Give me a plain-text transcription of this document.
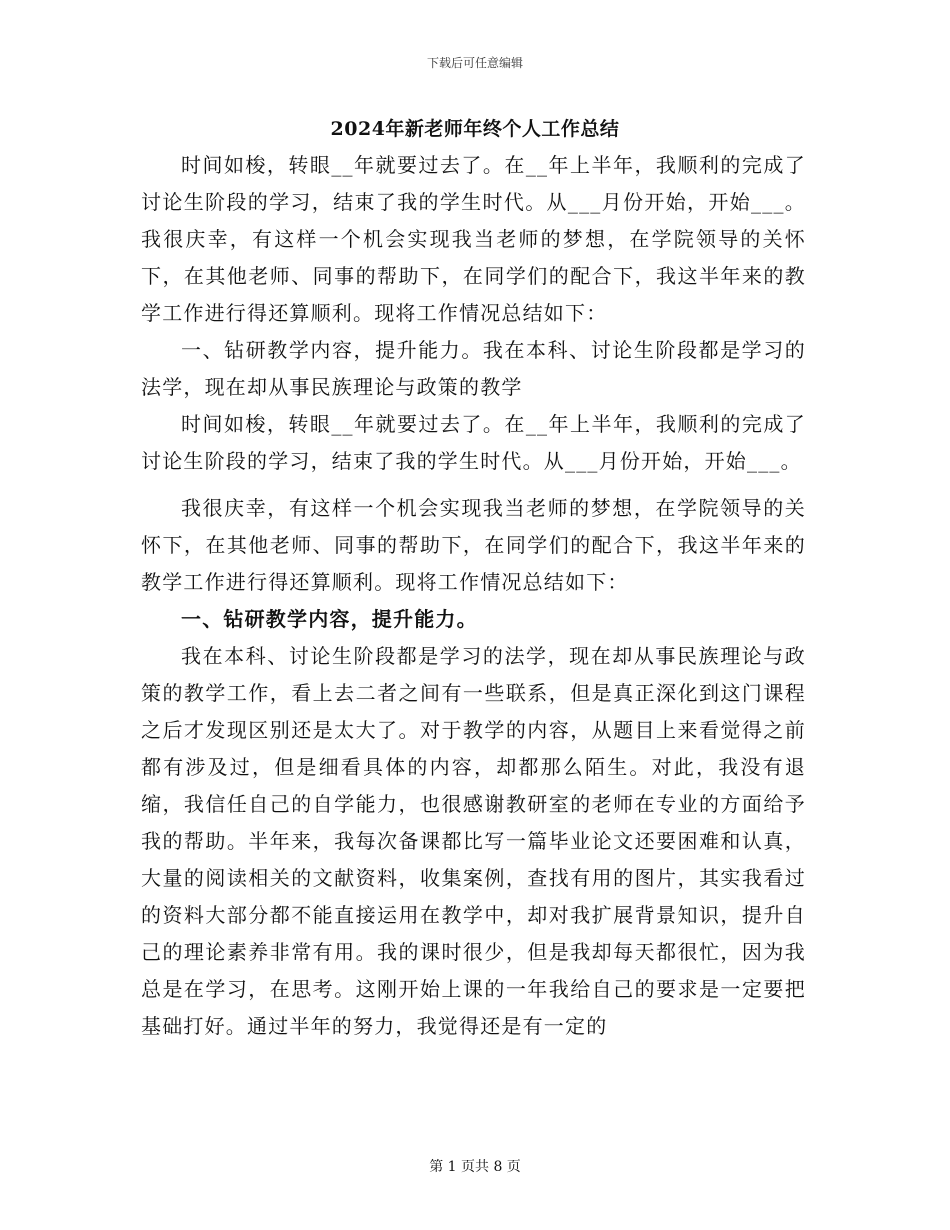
下载后可任意编辑
2024年新老师年终个人工作总结

时间如梭，转眼__年就要过去了。在__年上半年，我顺利的完成了讨论生阶段的学习，结束了我的学生时代。从___月份开始，开始___。我很庆幸，有这样一个机会实现我当老师的梦想，在学院领导的关怀下，在其他老师、同事的帮助下，在同学们的配合下，我这半年来的教学工作进行得还算顺利。现将工作情况总结如下：

一、钻研教学内容，提升能力。我在本科、讨论生阶段都是学习的法学，现在却从事民族理论与政策的教学

时间如梭，转眼__年就要过去了。在__年上半年，我顺利的完成了讨论生阶段的学习，结束了我的学生时代。从___月份开始，开始___。

我很庆幸，有这样一个机会实现我当老师的梦想，在学院领导的关怀下，在其他老师、同事的帮助下，在同学们的配合下，我这半年来的教学工作进行得还算顺利。现将工作情况总结如下：

一、钻研教学内容，提升能力。

我在本科、讨论生阶段都是学习的法学，现在却从事民族理论与政策的教学工作，看上去二者之间有一些联系，但是真正深化到这门课程之后才发现区别还是太大了。对于教学的内容，从题目上来看觉得之前都有涉及过，但是细看具体的内容，却都那么陌生。对此，我没有退缩，我信任自己的自学能力，也很感谢教研室的老师在专业的方面给予我的帮助。半年来，我每次备课都比写一篇毕业论文还要困难和认真，大量的阅读相关的文献资料，收集案例，查找有用的图片，其实我看过的资料大部分都不能直接运用在教学中，却对我扩展背景知识，提升自己的理论素养非常有用。我的课时很少，但是我却每天都很忙，因为我总是在学习，在思考。这刚开始上课的一年我给自己的要求是一定要把基础打好。通过半年的努力，我觉得还是有一定的

第 1 页共 8 页
